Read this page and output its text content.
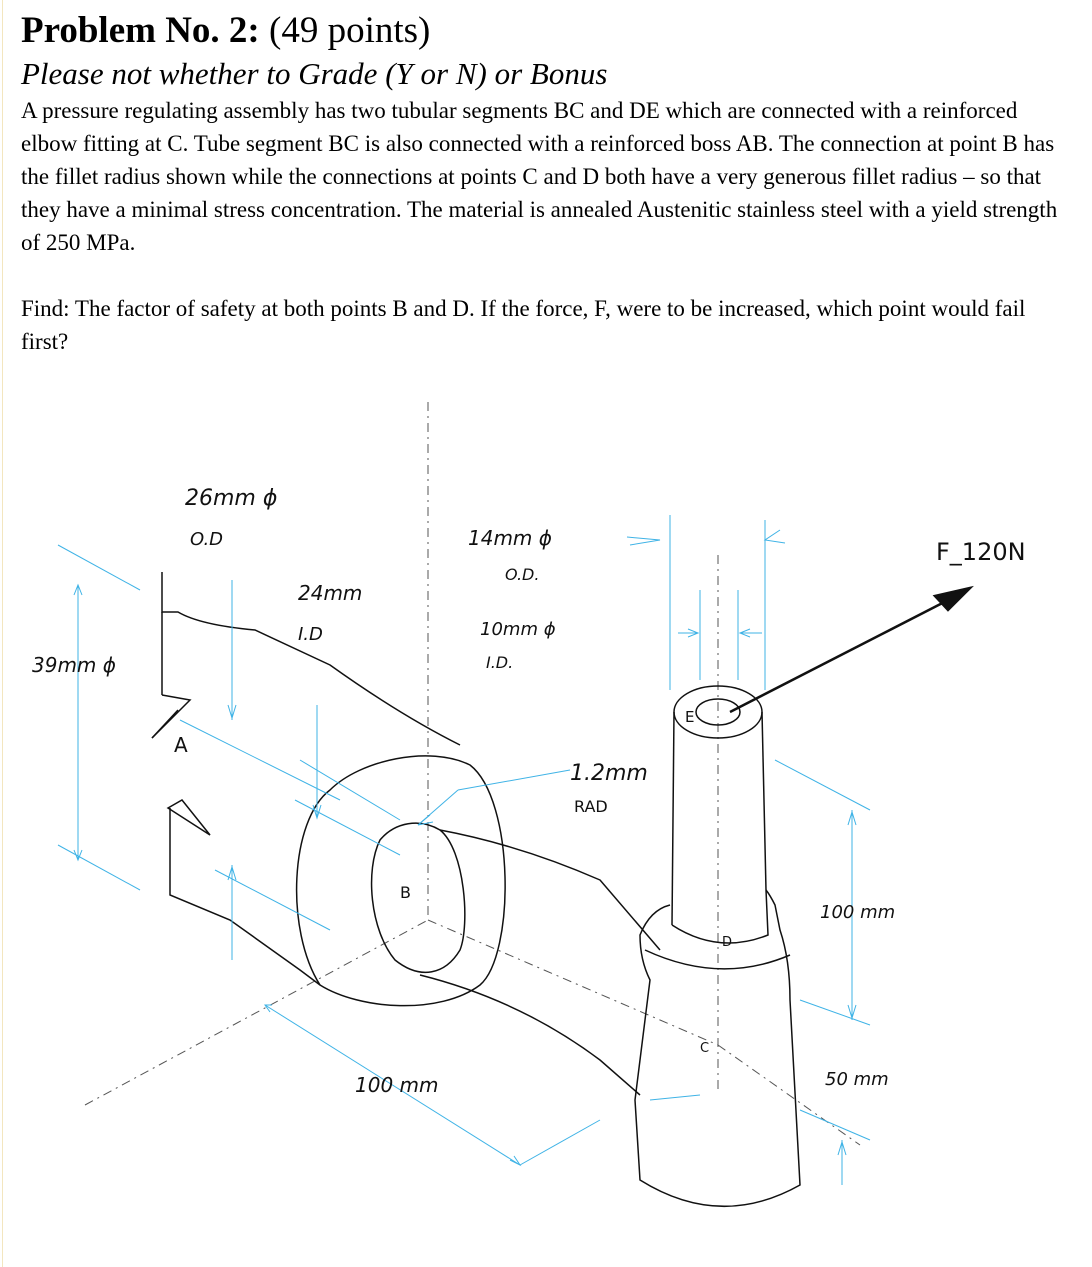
Problem No. 2: (49 points)

Please not whether to Grade (Y or N) or Bonus

A pressure regulating assembly has two tubular segments BC and DE which are connected with a reinforced elbow fitting at C. Tube segment BC is also connected with a reinforced boss AB. The connection at point B has the fillet radius shown while the connections at points C and D both have a very generous fillet radius – so that they have a minimal stress concentration. The material is annealed Austenitic stainless steel with a yield strength of 250 MPa.

Find: The factor of safety at both points B and D. If the force, F, were to be increased, which point would fail first?

26mm ϕ
O.D
24mm
I.D
39mm ϕ
A
B
14mm ϕ
O.D.
10mm ϕ
I.D.
1.2mm
RAD
E
D
C
F_120N
100 mm
100 mm
50 mm
